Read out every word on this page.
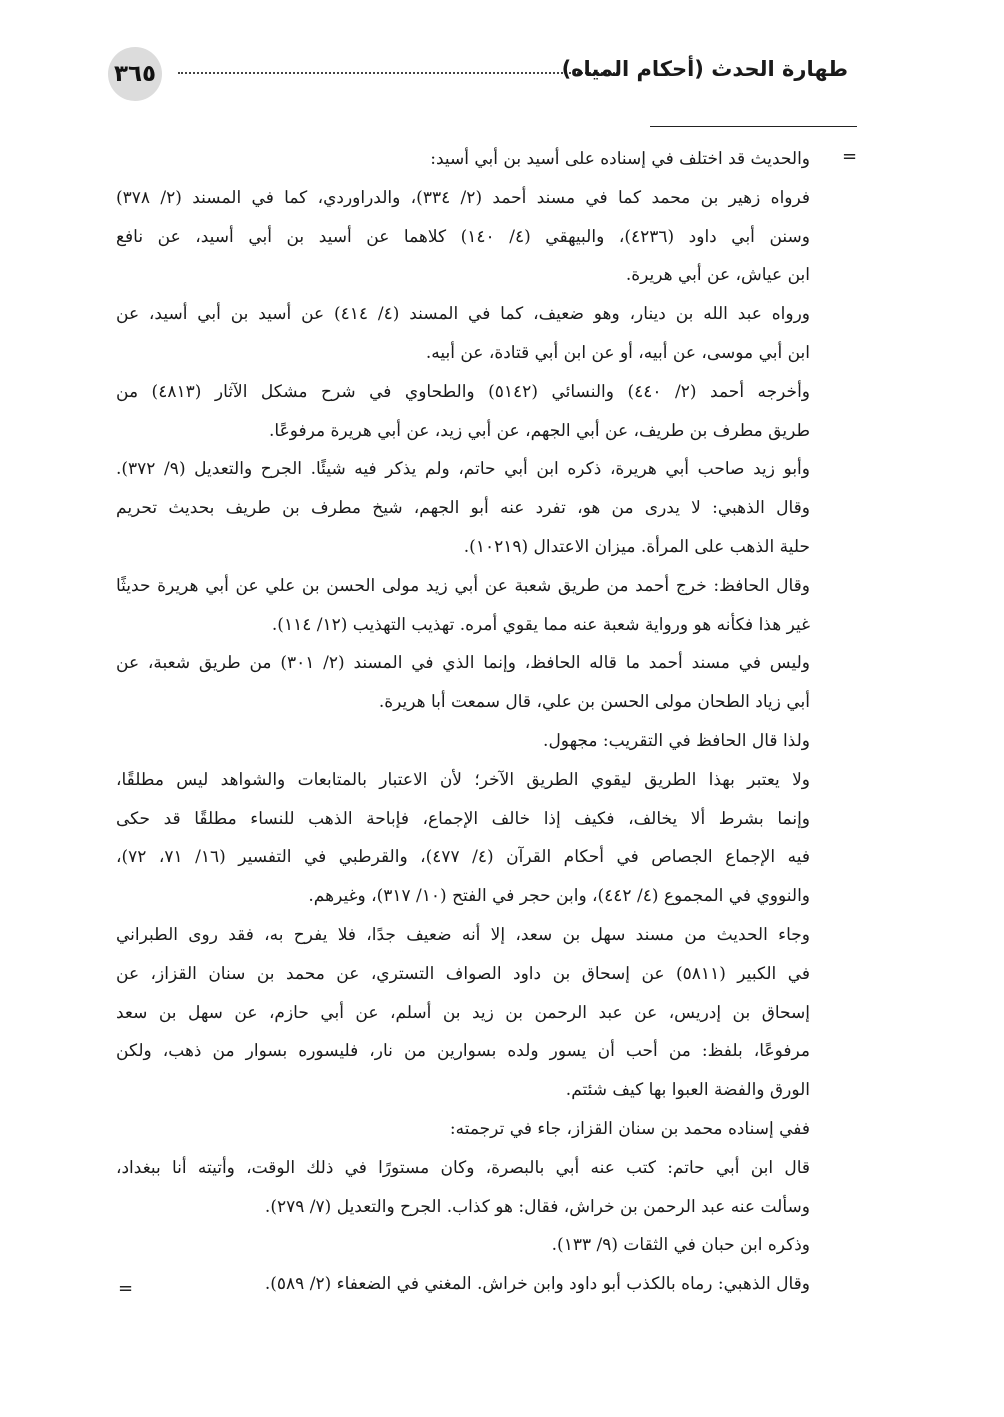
٣٦٥	طهارة الحدث (أحكام المياه)
=
=
والحديث قد اختلف في إسناده على أسيد بن أبي أسيد:
فرواه زهير بن محمد كما في مسند أحمد (٢/ ٣٣٤)، والدراوردي، كما في المسند (٢/ ٣٧٨)
وسنن أبي داود (٤٢٣٦)، والبيهقي (٤/ ١٤٠) كلاهما عن أسيد بن أبي أسيد، عن نافع
ابن عياش، عن أبي هريرة.
ورواه عبد الله بن دينار، وهو ضعيف، كما في المسند (٤/ ٤١٤) عن أسيد بن أبي أسيد، عن
ابن أبي موسى، عن أبيه، أو عن ابن أبي قتادة، عن أبيه.
وأخرجه أحمد (٢/ ٤٤٠) والنسائي (٥١٤٢) والطحاوي في شرح مشكل الآثار (٤٨١٣) من
طريق مطرف بن طريف، عن أبي الجهم، عن أبي زيد، عن أبي هريرة مرفوعًا.
وأبو زيد صاحب أبي هريرة، ذكره ابن أبي حاتم، ولم يذكر فيه شيئًا. الجرح والتعديل (٩/ ٣٧٢).
وقال الذهبي: لا يدرى من هو، تفرد عنه أبو الجهم، شيخ مطرف بن طريف بحديث تحريم
حلية الذهب على المرأة. ميزان الاعتدال (١٠٢١٩).
وقال الحافظ: خرج أحمد من طريق شعبة عن أبي زيد مولى الحسن بن علي عن أبي هريرة حديثًا
غير هذا فكأنه هو ورواية شعبة عنه مما يقوي أمره. تهذيب التهذيب (١٢/ ١١٤).
وليس في مسند أحمد ما قاله الحافظ، وإنما الذي في المسند (٢/ ٣٠١) من طريق شعبة، عن
أبي زياد الطحان مولى الحسن بن علي، قال سمعت أبا هريرة.
ولذا قال الحافظ في التقريب: مجهول.
ولا يعتبر بهذا الطريق ليقوي الطريق الآخر؛ لأن الاعتبار بالمتابعات والشواهد ليس مطلقًا،
وإنما بشرط ألا يخالف، فكيف إذا خالف الإجماع، فإباحة الذهب للنساء مطلقًا قد حكى
فيه الإجماع الجصاص في أحكام القرآن (٤/ ٤٧٧)، والقرطبي في التفسير (١٦/ ٧١، ٧٢)،
والنووي في المجموع (٤/ ٤٤٢)، وابن حجر في الفتح (١٠/ ٣١٧)، وغيرهم.
وجاء الحديث من مسند سهل بن سعد، إلا أنه ضعيف جدًا، فلا يفرح به، فقد روى الطبراني
في الكبير (٥٨١١) عن إسحاق بن داود الصواف التستري، عن محمد بن سنان القزاز، عن
إسحاق بن إدريس، عن عبد الرحمن بن زيد بن أسلم، عن أبي حازم، عن سهل بن سعد
مرفوعًا، بلفظ: من أحب أن يسور ولده بسوارين من نار، فليسوره بسوار من ذهب، ولكن
الورق والفضة العبوا بها كيف شئتم.
ففي إسناده محمد بن سنان القزاز، جاء في ترجمته:
قال ابن أبي حاتم: كتب عنه أبي بالبصرة، وكان مستورًا في ذلك الوقت، وأتيته أنا ببغداد،
وسألت عنه عبد الرحمن بن خراش، فقال: هو كذاب. الجرح والتعديل (٧/ ٢٧٩).
وذكره ابن حبان في الثقات (٩/ ١٣٣).
وقال الذهبي: رماه بالكذب أبو داود وابن خراش. المغني في الضعفاء (٢/ ٥٨٩).
